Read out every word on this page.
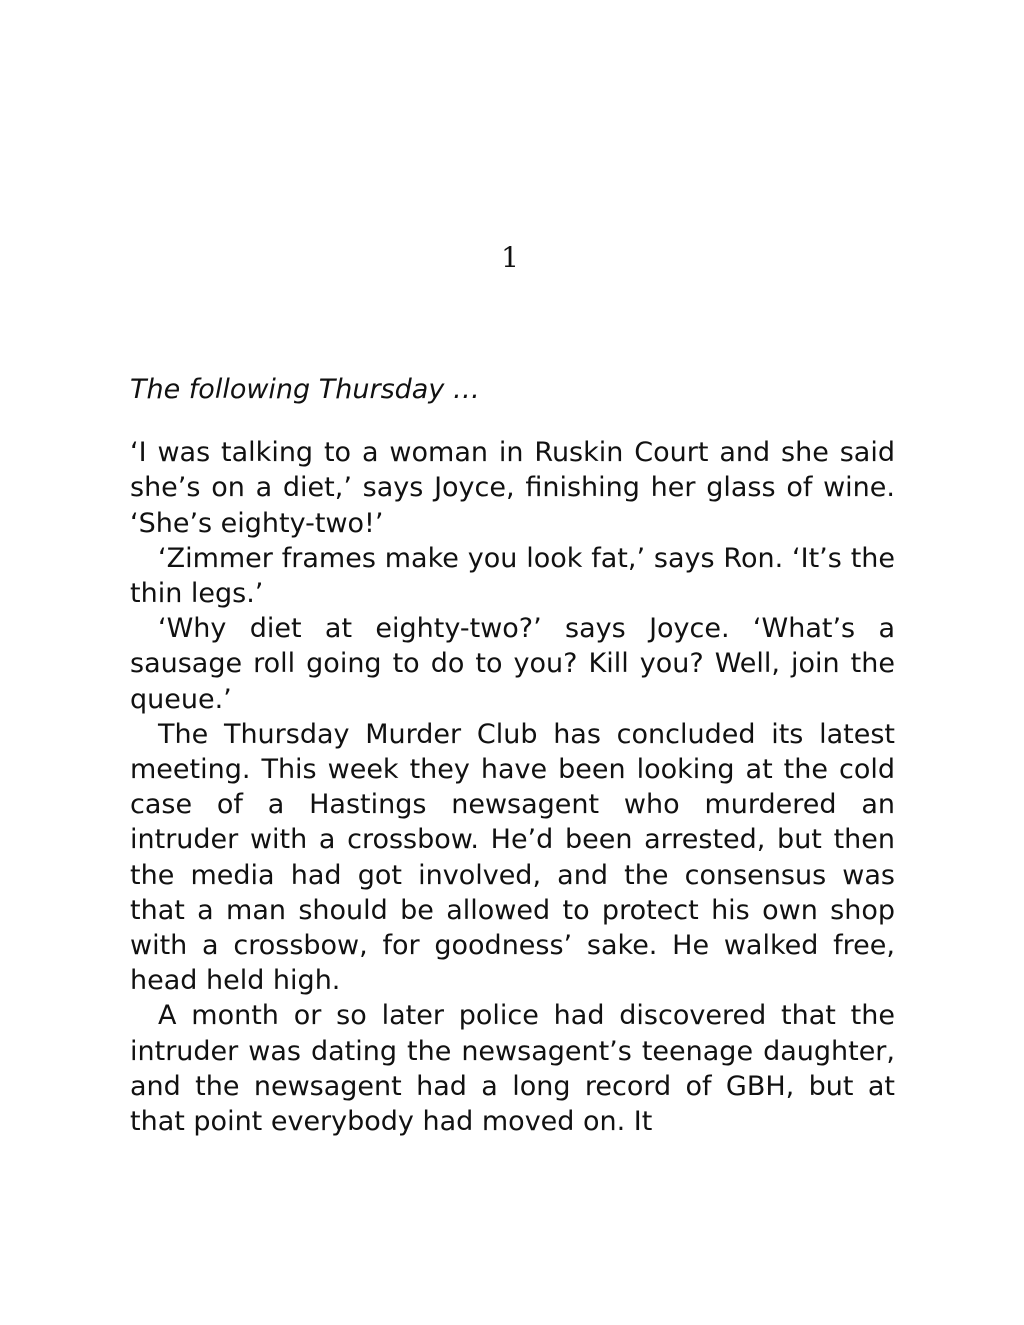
1

The following Thursday …

‘I was talking to a woman in Ruskin Court and she said she’s on a diet,’ says Joyce, finishing her glass of wine. ‘She’s eighty-two!’

‘Zimmer frames make you look fat,’ says Ron. ‘It’s the thin legs.’

‘Why diet at eighty-two?’ says Joyce. ‘What’s a sausage roll going to do to you? Kill you? Well, join the queue.’

The Thursday Murder Club has concluded its latest meeting. This week they have been looking at the cold case of a Hastings newsagent who murdered an intruder with a crossbow. He’d been arrested, but then the media had got involved, and the consensus was that a man should be allowed to protect his own shop with a crossbow, for goodness’ sake. He walked free, head held high.

A month or so later police had discovered that the intruder was dating the newsagent’s teenage daughter, and the newsagent had a long record of GBH, but at that point everybody had moved on. It
